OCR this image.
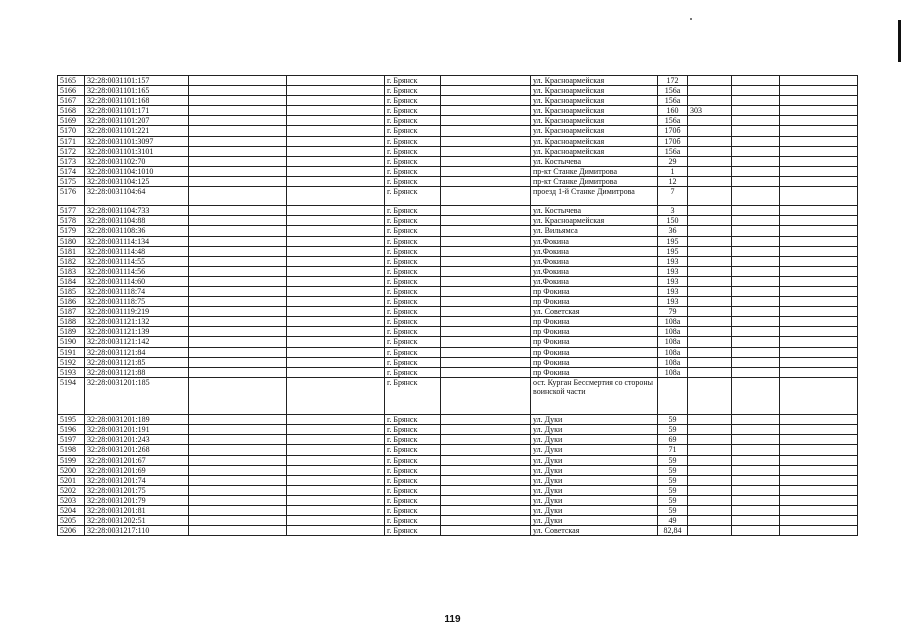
5165	32:28:0031101:157			г. Брянск		ул. Красноармейская	172			
5166	32:28:0031101:165			г. Брянск		ул. Красноармейская	156а			
5167	32:28:0031101:168			г. Брянск		ул. Красноармейская	156а			
5168	32:28:0031101:171			г. Брянск		ул. Красноармейская	160	303		
5169	32:28:0031101:207			г. Брянск		ул. Красноармейская	156а			
5170	32:28:0031101:221			г. Брянск		ул. Красноармейская	170б			
5171	32:28:0031101:3097			г. Брянск		ул. Красноармейская	170б			
5172	32:28:0031101:3101			г. Брянск		ул. Красноармейская	156а			
5173	32:28:0031102:70			г. Брянск		ул. Костычева	29			
5174	32:28:0031104:1010			г. Брянск		пр-кт Станке Димитрова	1			
5175	32:28:0031104:125			г. Брянск		пр-кт Станке Димитрова	12			
5176	32:28:0031104:64			г. Брянск		проезд 1-й Станке Димитрова	7			
5177	32:28:0031104:733			г. Брянск		ул. Костычева	3			
5178	32:28:0031104:88			г. Брянск		ул. Красноармейская	150			
5179	32:28:0031108:36			г. Брянск		ул. Вильямса	36			
5180	32:28:0031114:134			г. Брянск		ул.Фокина	195			
5181	32:28:0031114:48			г. Брянск		ул.Фокина	195			
5182	32:28:0031114:55			г. Брянск		ул.Фокина	193			
5183	32:28:0031114:56			г. Брянск		ул.Фокина	193			
5184	32:28:0031114:60			г. Брянск		ул.Фокина	193			
5185	32:28:0031118:74			г. Брянск		пр Фокина	193			
5186	32:28:0031118:75			г. Брянск		пр Фокина	193			
5187	32:28:0031119:219			г. Брянск		ул. Советская	79			
5188	32:28:0031121:132			г. Брянск		пр Фокина	108а			
5189	32:28:0031121:139			г. Брянск		пр Фокина	108а			
5190	32:28:0031121:142			г. Брянск		пр Фокина	108а			
5191	32:28:0031121:84			г. Брянск		пр Фокина	108а			
5192	32:28:0031121:85			г. Брянск		пр Фокина	108а			
5193	32:28:0031121:88			г. Брянск		пр Фокина	108а			
5194	32:28:0031201:185			г. Брянск		ост. Курган Бессмертия со стороны воинской части				
5195	32:28:0031201:189			г. Брянск		ул. Дуки	59			
5196	32:28:0031201:191			г. Брянск		ул. Дуки	59			
5197	32:28:0031201:243			г. Брянск		ул. Дуки	69			
5198	32:28:0031201:268			г. Брянск		ул. Дуки	71			
5199	32:28:0031201:67			г. Брянск		ул. Дуки	59			
5200	32:28:0031201:69			г. Брянск		ул. Дуки	59			
5201	32:28:0031201:74			г. Брянск		ул. Дуки	59			
5202	32:28:0031201:75			г. Брянск		ул. Дуки	59			
5203	32:28:0031201:79			г. Брянск		ул. Дуки	59			
5204	32:28:0031201:81			г. Брянск		ул. Дуки	59			
5205	32:28:0031202:51			г. Брянск		ул. Дуки	49			
5206	32:28:0031217:110			г. Брянск		ул. Советская	82,84			
119
